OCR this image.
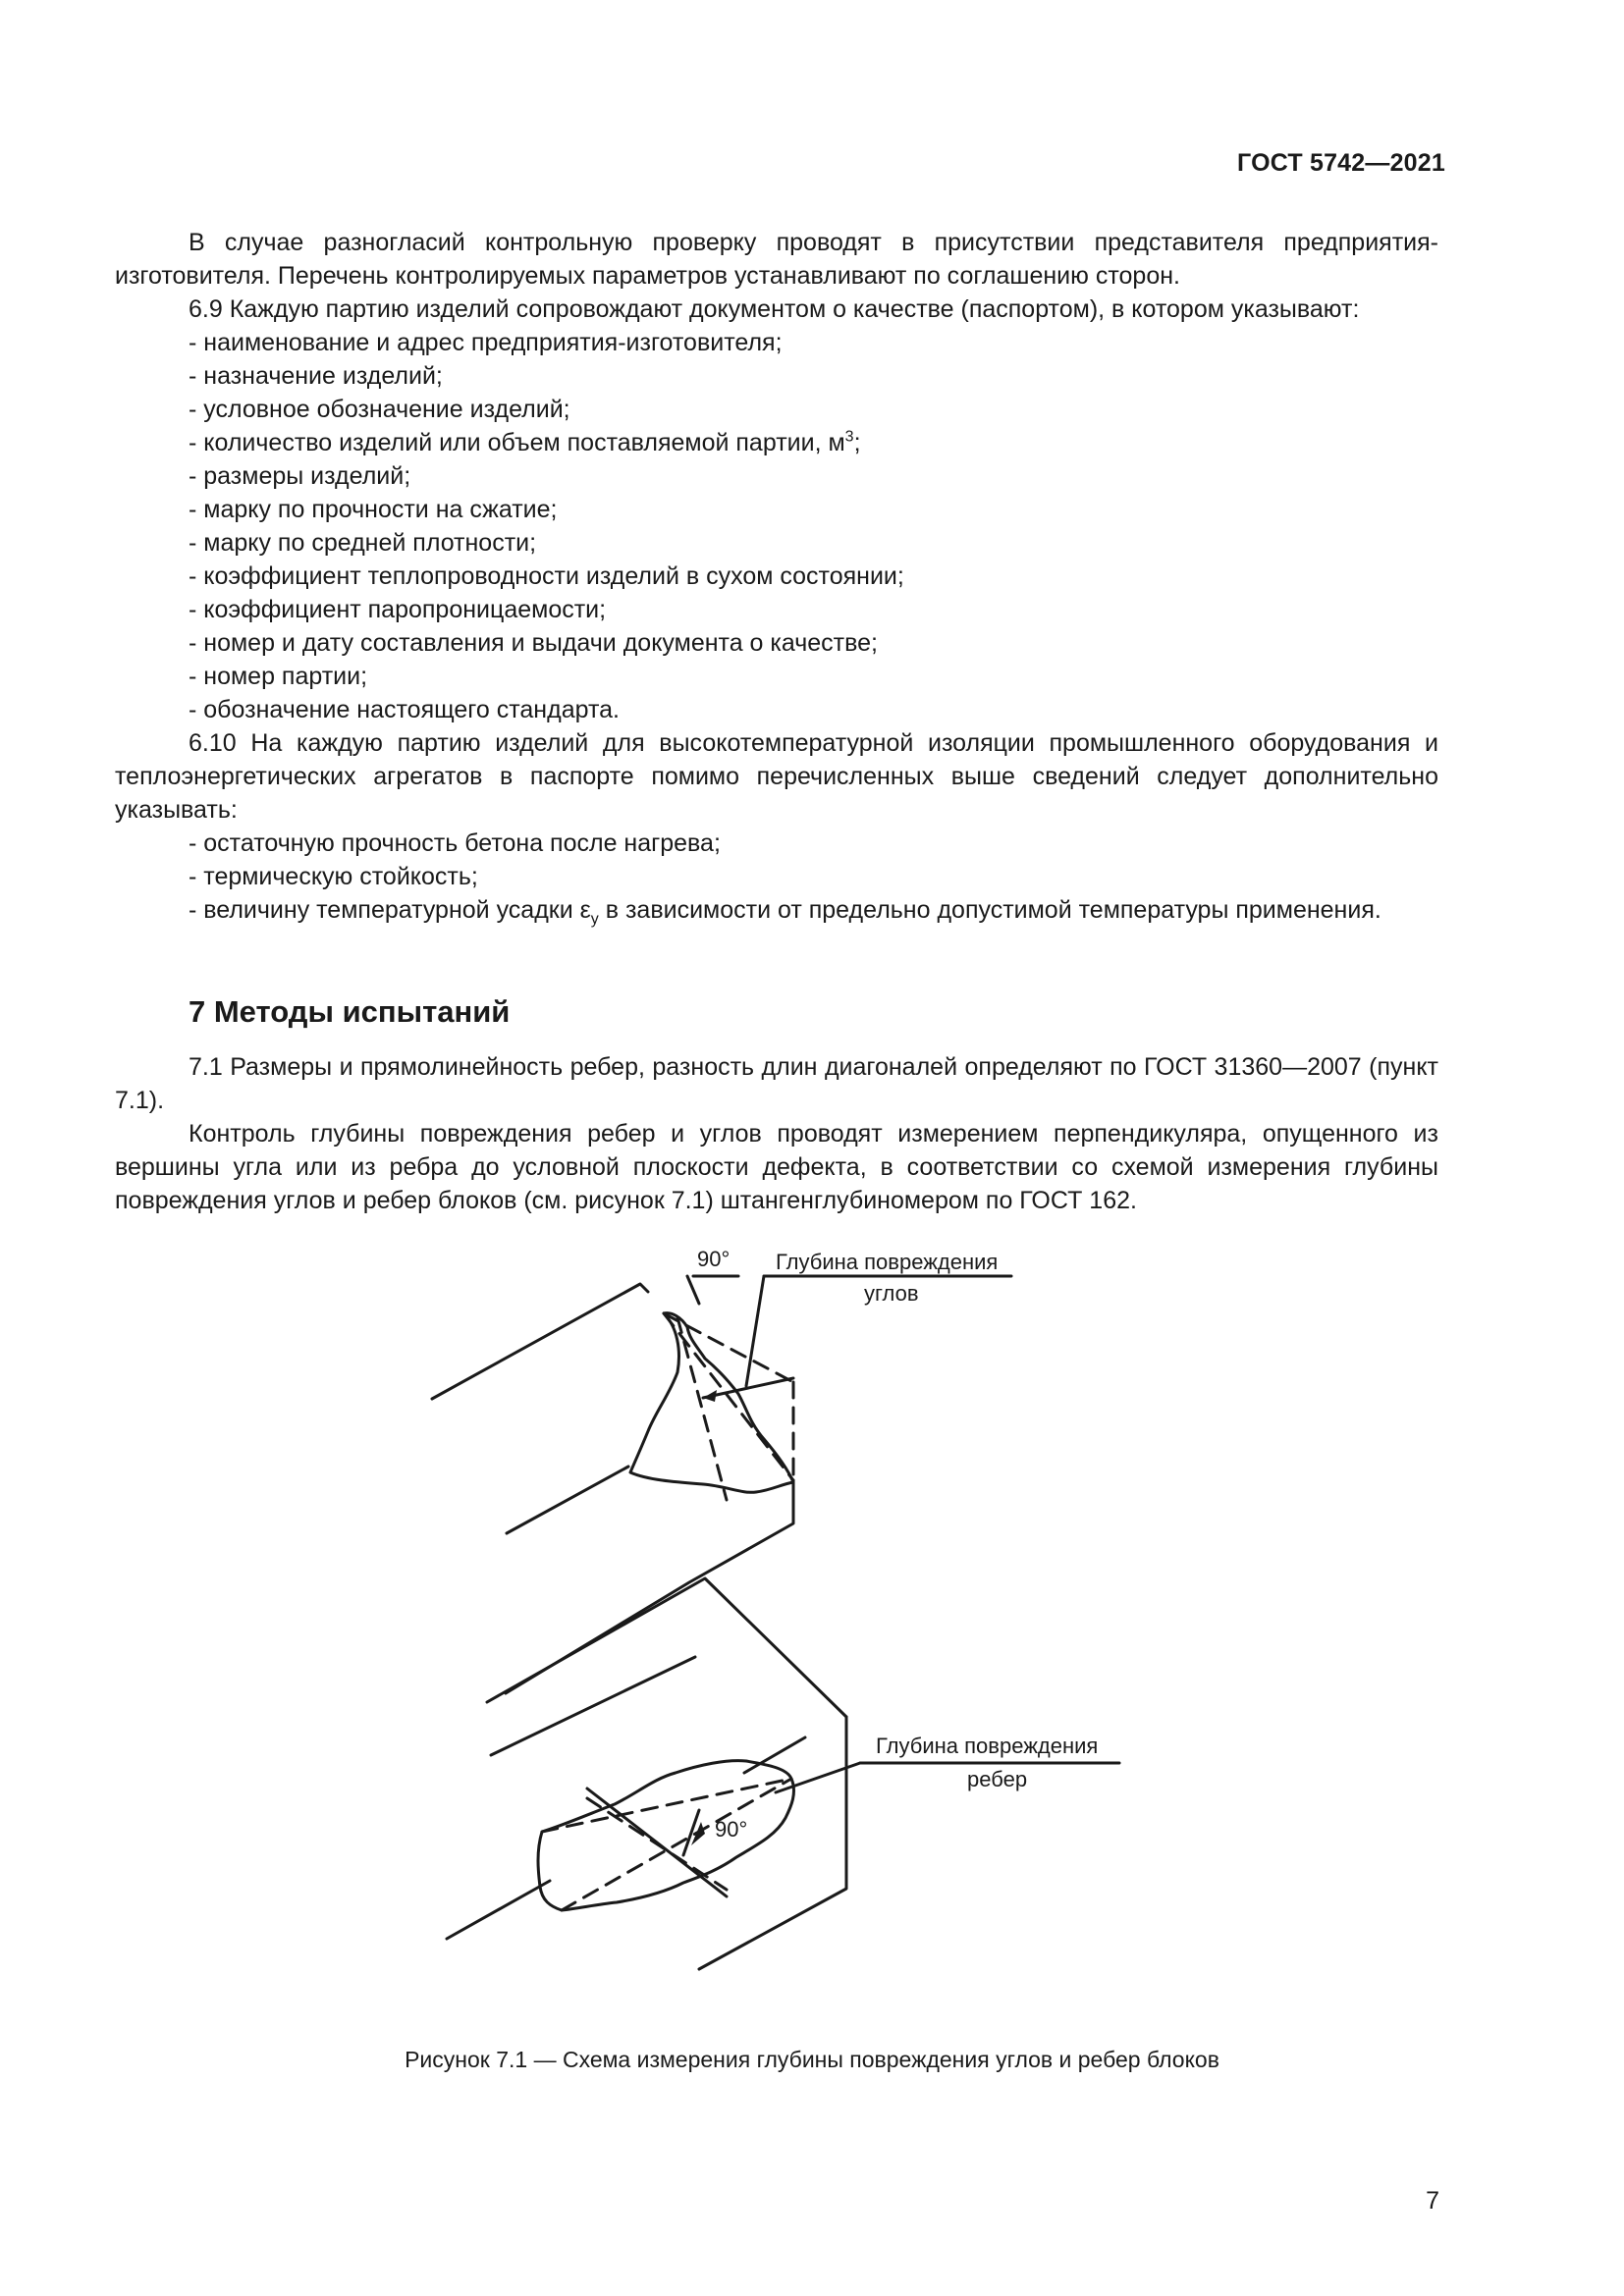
ГОСТ 5742—2021

В случае разногласий контрольную проверку проводят в присутствии представителя предприятия-изготовителя. Перечень контролируемых параметров устанавливают по соглашению сторон.

6.9 Каждую партию изделий сопровождают документом о качестве (паспортом), в котором указывают:

- наименование и адрес предприятия-изготовителя;

- назначение изделий;

- условное обозначение изделий;

- количество изделий или объем поставляемой партии, $м^3$;

- размеры изделий;

- марку по прочности на сжатие;

- марку по средней плотности;

- коэффициент теплопроводности изделий в сухом состоянии;

- коэффициент паропроницаемости;

- номер и дату составления и выдачи документа о качестве;

- номер партии;

- обозначение настоящего стандарта.

6.10 На каждую партию изделий для высокотемпературной изоляции промышленного оборудования и теплоэнергетических агрегатов в паспорте помимо перечисленных выше сведений следует дополнительно указывать:

- остаточную прочность бетона после нагрева;

- термическую стойкость;

- величину температурной усадки $\varepsilon_у$ в зависимости от предельно допустимой температуры применения.

7 Методы испытаний

7.1 Размеры и прямолинейность ребер, разность длин диагоналей определяют по ГОСТ 31360—2007 (пункт 7.1).

Контроль глубины повреждения ребер и углов проводят измерением перпендикуляра, опущенного из вершины угла или из ребра до условной плоскости дефекта, в соответствии со схемой измерения глубины повреждения углов и ребер блоков (см. рисунок 7.1) штангенглубиномером по ГОСТ 162.

90° Глубина повреждения
углов
90°
Глубина повреждения
ребер
Рисунок 7.1 — Схема измерения глубины повреждения углов и ребер блоков
7
